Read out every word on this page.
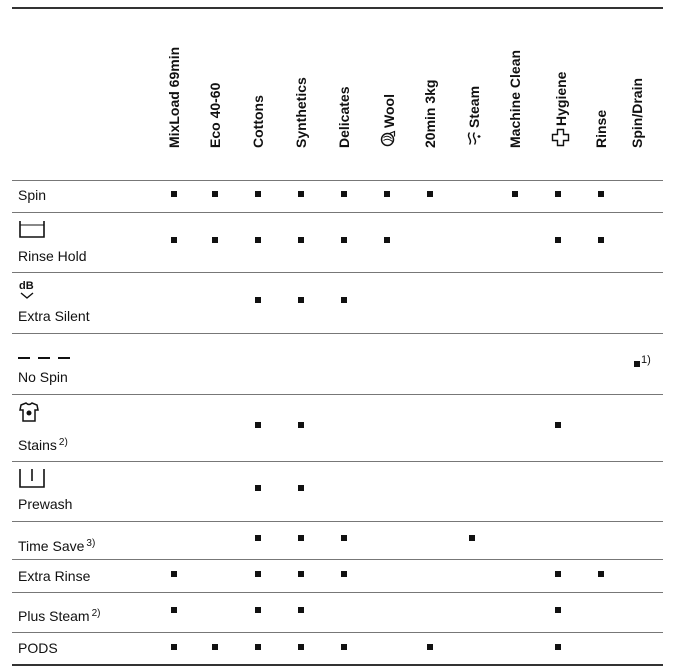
MixLoad 69min Eco 40-60 Cottons Synthetics Delicates Wool 20min 3kg Steam Machine Clean Hygiene
Rinse Spin/Drain
Spin
Rinse Hold
dB
Extra Silent
No Spin
1)
Stains $^{2)}$
Prewash
Time Save $^{3)}$
Extra Rinse
Plus Steam $^{2)}$
PODS
